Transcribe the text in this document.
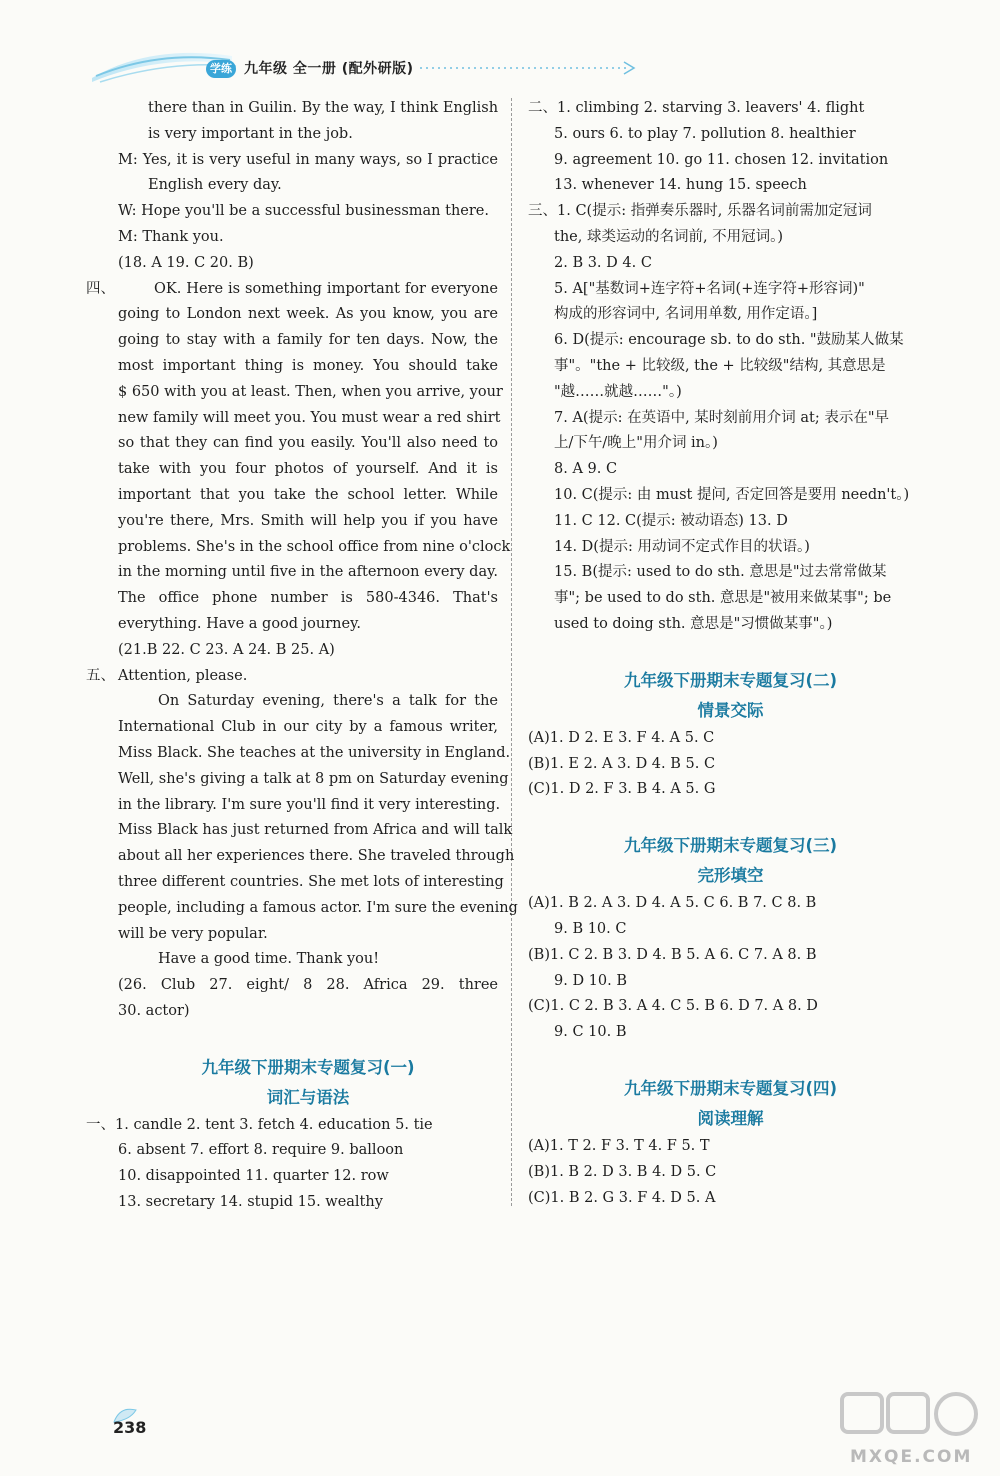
学练 九年级 全一册 (配外研版)
there than in Guilin. By the way, I think English
is very important in the job.
M: Yes, it is very useful in many ways, so I practice
English every day.
W: Hope you'll be a successful businessman there.
M: Thank you.
(18. A 19. C 20. B)
四、	OK. Here is something important for everyone
going to London next week. As you know, you are
going to stay with a family for ten days. Now, the
most important thing is money. You should take
$ 650 with you at least. Then, when you arrive, your
new family will meet you. You must wear a red shirt
so that they can find you easily. You'll also need to
take with you four photos of yourself. And it is
important that you take the school letter. While
you're there, Mrs. Smith will help you if you have
problems. She's in the school office from nine o'clock
in the morning until five in the afternoon every day.
The office phone number is 580-4346. That's
everything. Have a good journey.
(21.B 22. C 23. A 24. B 25. A)
五、 Attention, please.
On Saturday evening, there's a talk for the
International Club in our city by a famous writer,
Miss Black. She teaches at the university in England.
Well, she's giving a talk at 8 pm on Saturday evening
in the library. I'm sure you'll find it very interesting.
Miss Black has just returned from Africa and will talk
about all her experiences there. She traveled through
three different countries. She met lots of interesting
people, including a famous actor. I'm sure the evening
will be very popular.
Have a good time. Thank you!
(26. Club 27. eight/ 8 28. Africa 29. three
30. actor)
九年级下册期末专题复习(一)
词汇与语法
一、1. candle 2. tent 3. fetch 4. education 5. tie
6. absent 7. effort 8. require 9. balloon
10. disappointed 11. quarter 12. row
13. secretary 14. stupid 15. wealthy
二、1. climbing 2. starving 3. leavers' 4. flight
5. ours 6. to play 7. pollution 8. healthier
9. agreement 10. go 11. chosen 12. invitation
13. whenever 14. hung 15. speech
三、1. C(提示: 指弹奏乐器时, 乐器名词前需加定冠词
the, 球类运动的名词前, 不用冠词。)
2. B 3. D 4. C
5. A["基数词+连字符+名词(+连字符+形容词)"
构成的形容词中, 名词用单数, 用作定语。]
6. D(提示: encourage sb. to do sth. "鼓励某人做某
事"。"the + 比较级, the + 比较级"结构, 其意思是
"越……就越……"。)
7. A(提示: 在英语中, 某时刻前用介词 at; 表示在"早
上/下午/晚上"用介词 in。)
8. A 9. C
10. C(提示: 由 must 提问, 否定回答是要用 needn't。)
11. C 12. C(提示: 被动语态) 13. D
14. D(提示: 用动词不定式作目的状语。)
15. B(提示: used to do sth. 意思是"过去常常做某
事"; be used to do sth. 意思是"被用来做某事"; be
used to doing sth. 意思是"习惯做某事"。)
九年级下册期末专题复习(二)
情景交际
(A)1. D 2. E 3. F 4. A 5. C
(B)1. E 2. A 3. D 4. B 5. C
(C)1. D 2. F 3. B 4. A 5. G
九年级下册期末专题复习(三)
完形填空
(A)1. B 2. A 3. D 4. A 5. C 6. B 7. C 8. B
9. B 10. C
(B)1. C 2. B 3. D 4. B 5. A 6. C 7. A 8. B
9. D 10. B
(C)1. C 2. B 3. A 4. C 5. B 6. D 7. A 8. D
9. C 10. B
九年级下册期末专题复习(四)
阅读理解
(A)1. T 2. F 3. T 4. F 5. T
(B)1. B 2. D 3. B 4. D 5. C
(C)1. B 2. G 3. F 4. D 5. A
238
MXQE.COM
